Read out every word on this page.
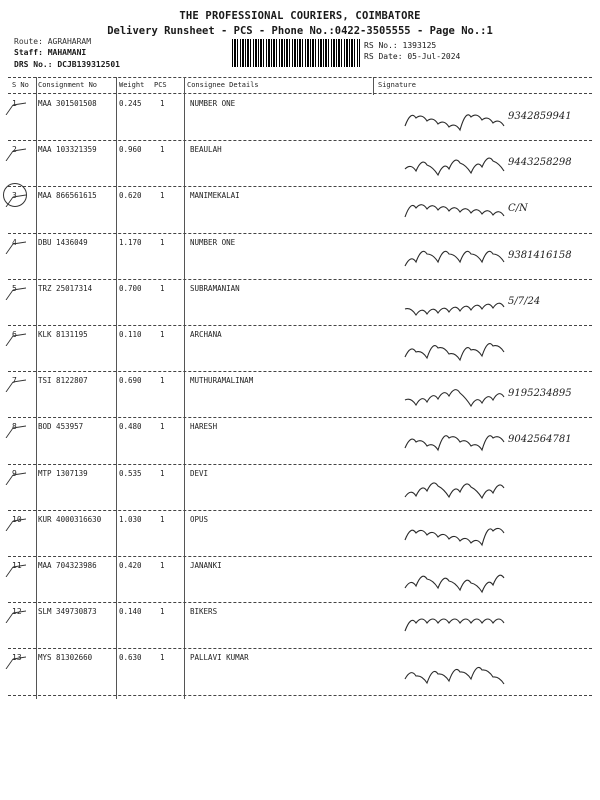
THE PROFESSIONAL COURIERS, COIMBATORE
Delivery Runsheet - PCS - Phone No.:0422-3505555 - Page No.:1
Route: AGRAHARAM
Staff: MAHAMANI
DRS No.: DCJB139312501
RS No.: 1393125
RS Date: 05-Jul-2024
S No Consignment No	Weight PCS	Consignee Details	Signature
1	MAA 301501508	0.245 1	NUMBER ONE
9342859941
2	MAA 103321359	0.960 1	BEAULAH
9443258298
3	MAA 866561615	0.620 1	MANIMEKALAI
C/N
4	DBU 1436049	1.170 1	NUMBER ONE
9381416158
5	TRZ 25017314	0.700 1	SUBRAMANIAN
5/7/24
6	KLK 8131195	0.110 1	ARCHANA
7	TSI 8122807	0.690 1	MUTHURAMALINAM
9195234895
8	BOD 453957	0.480 1	HARESH
9042564781
9	MTP 1307139	0.535 1	DEVI
10 KUR 4000316630 1.030 1	OPUS
11 MAA 704323986	0.420 1	JANANKI
12 SLM 349730873	0.140 1	BIKERS
13 MYS 81302660	0.630 1	PALLAVI KUMAR
